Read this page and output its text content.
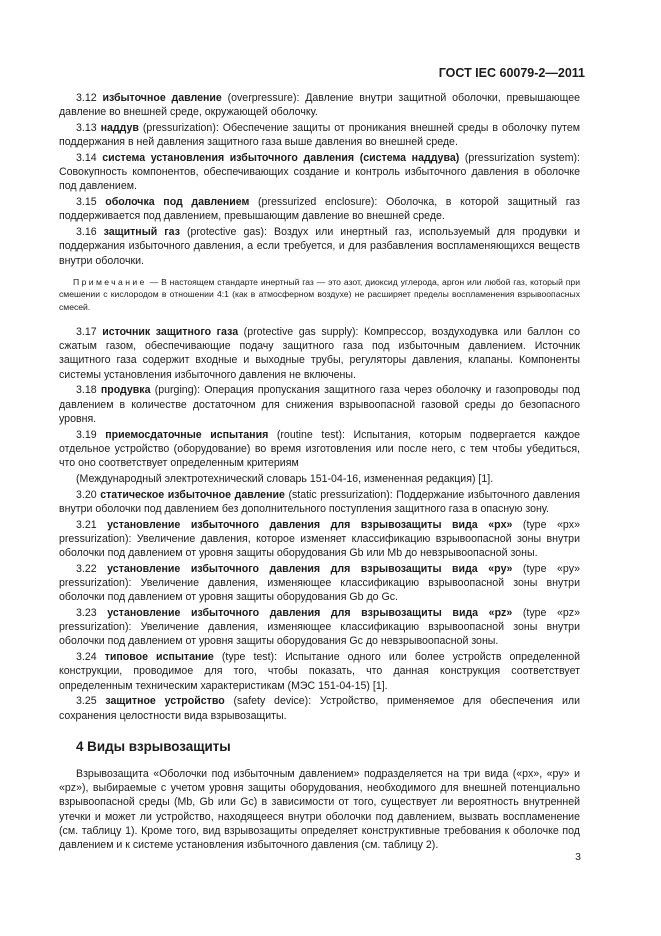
ГОСТ IEC 60079-2—2011

3.12 избыточное давление (overpressure): Давление внутри защитной оболочки, превышающее давление во внешней среде, окружающей оболочку.

3.13 наддув (pressurization): Обеспечение защиты от проникания внешней среды в оболочку путем поддержания в ней давления защитного газа выше давления во внешней среде.

3.14 система установления избыточного давления (система наддува) (pressurization system): Совокупность компонентов, обеспечивающих создание и контроль избыточного давления в оболочке под давлением.

3.15 оболочка под давлением (pressurized enclosure): Оболочка, в которой защитный газ поддерживается под давлением, превышающим давление во внешней среде.

3.16 защитный газ (protective gas): Воздух или инертный газ, используемый для продувки и поддержания избыточного давления, а если требуется, и для разбавления воспламеняющихся веществ внутри оболочки.

Примечание — В настоящем стандарте инертный газ — это азот, диоксид углерода, аргон или любой газ, который при смешении с кислородом в отношении 4:1 (как в атмосферном воздухе) не расширяет пределы воспламенения взрывоопасных смесей.

3.17 источник защитного газа (protective gas supply): Компрессор, воздуходувка или баллон со сжатым газом, обеспечивающие подачу защитного газа под избыточным давлением. Источник защитного газа содержит входные и выходные трубы, регуляторы давления, клапаны. Компоненты системы установления избыточного давления не включены.

3.18 продувка (purging): Операция пропускания защитного газа через оболочку и газопроводы под давлением в количестве достаточном для снижения взрывоопасной газовой среды до безопасного уровня.

3.19 приемосдаточные испытания (routine test): Испытания, которым подвергается каждое отдельное устройство (оборудование) во время изготовления или после него, с тем чтобы убедиться, что оно соответствует определенным критериям

(Международный электротехнический словарь 151-04-16, измененная редакция) [1].

3.20 статическое избыточное давление (static pressurization): Поддержание избыточного давления внутри оболочки под давлением без дополнительного поступления защитного газа в опасную зону.

3.21 установление избыточного давления для взрывозащиты вида «px» (type «px» pressurization): Увеличение давления, которое изменяет классификацию взрывоопасной зоны внутри оболочки под давлением от уровня защиты оборудования Gb или Mb до невзрывоопасной зоны.

3.22 установление избыточного давления для взрывозащиты вида «py» (type «py» pressurization): Увеличение давления, изменяющее классификацию взрывоопасной зоны внутри оболочки под давлением от уровня защиты оборудования Gb до Gc.

3.23 установление избыточного давления для взрывозащиты вида «pz» (type «pz» pressurization): Увеличение давления, изменяющее классификацию взрывоопасной зоны внутри оболочки под давлением от уровня защиты оборудования Gc до невзрывоопасной зоны.

3.24 типовое испытание (type test): Испытание одного или более устройств определенной конструкции, проводимое для того, чтобы показать, что данная конструкция соответствует определенным техническим характеристикам (МЭС 151-04-15) [1].

3.25 защитное устройство (safety device): Устройство, применяемое для обеспечения или сохранения целостности вида взрывозащиты.

4 Виды взрывозащиты

Взрывозащита «Оболочки под избыточным давлением» подразделяется на три вида («px», «py» и «pz»), выбираемые с учетом уровня защиты оборудования, необходимого для внешней потенциально взрывоопасной среды (Mb, Gb или Gc) в зависимости от того, существует ли вероятность внутренней утечки и может ли устройство, находящееся внутри оболочки под давлением, вызвать воспламенение (см. таблицу 1). Кроме того, вид взрывозащиты определяет конструктивные требования к оболочке под давлением и к системе установления избыточного давления (см. таблицу 2).

3
